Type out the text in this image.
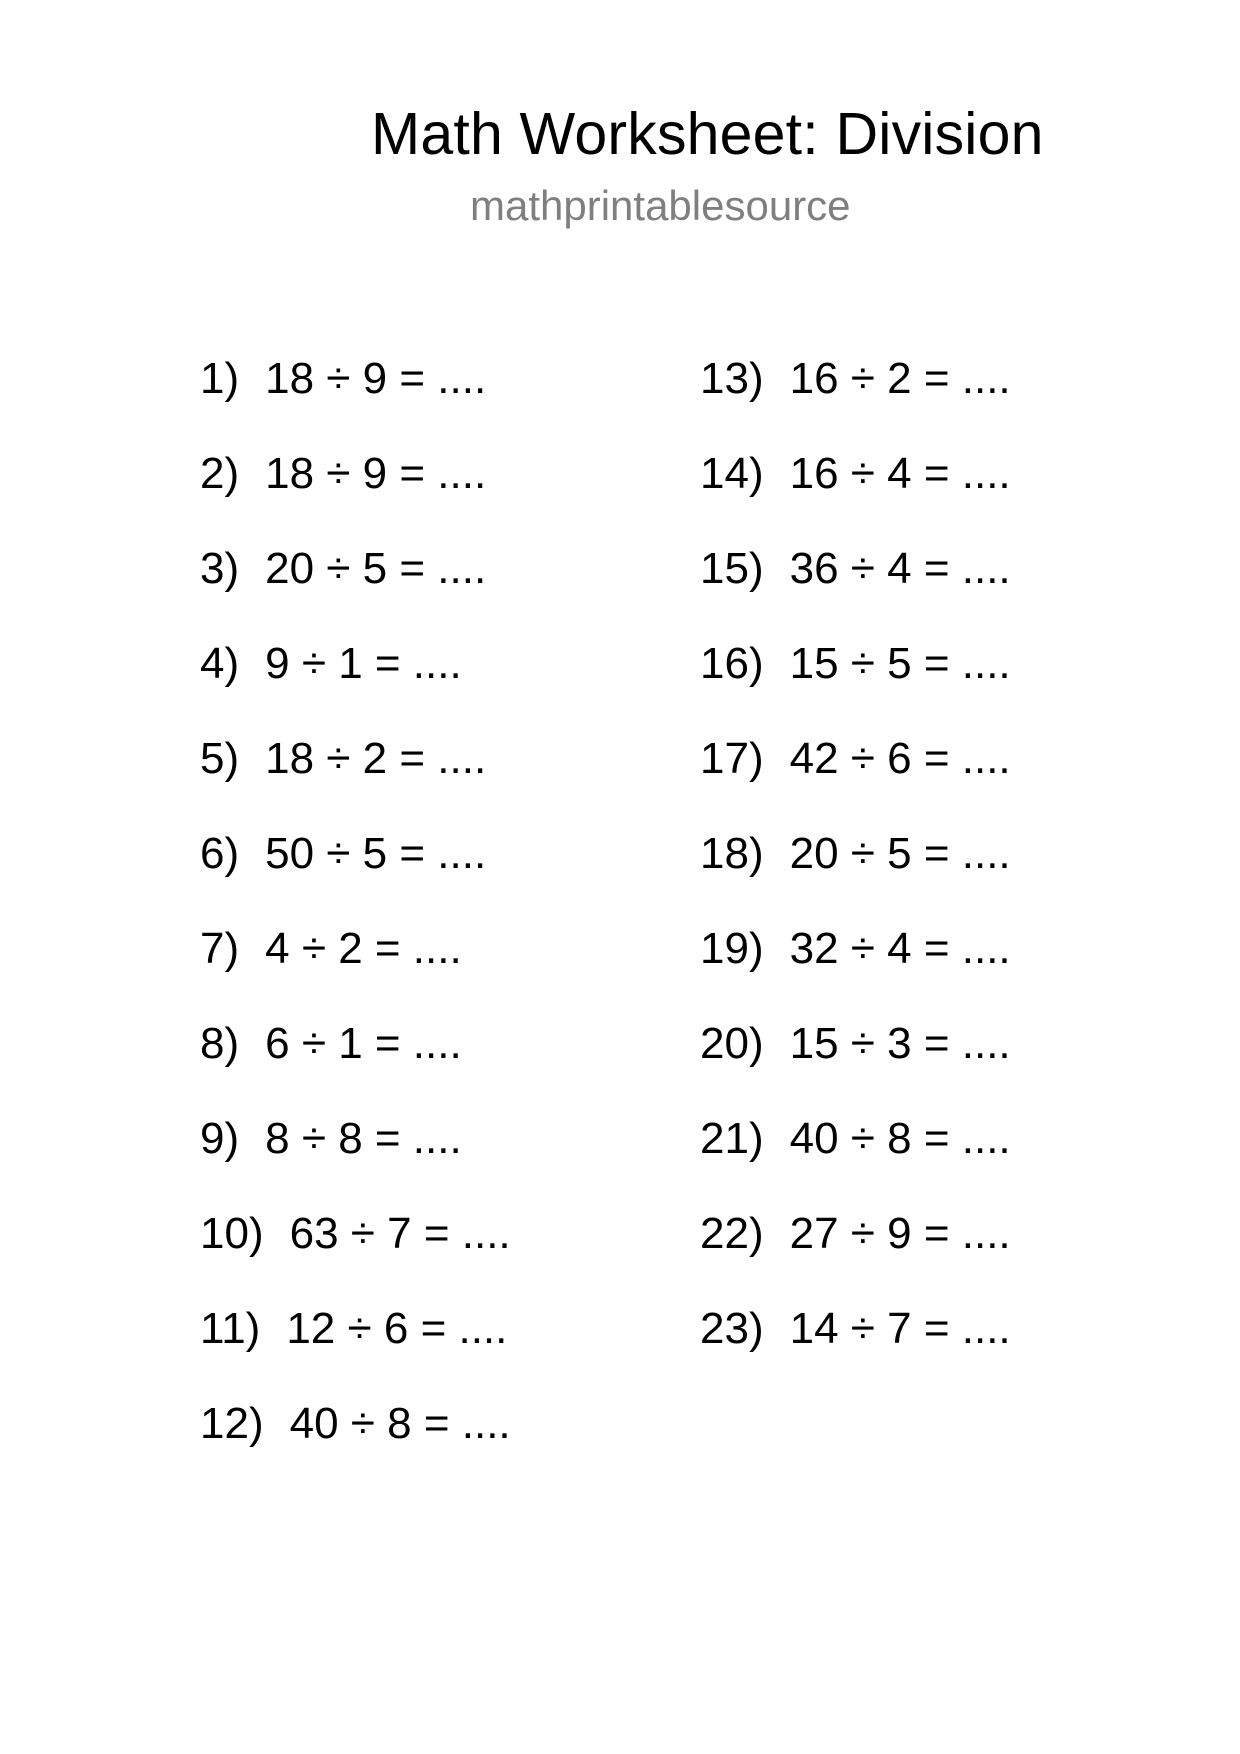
Math Worksheet: Division
mathprintablesource
1) 18 ÷ 9 = ....
2) 18 ÷ 9 = ....
3) 20 ÷ 5 = ....
4) 9 ÷ 1 = ....
5) 18 ÷ 2 = ....
6) 50 ÷ 5 = ....
7) 4 ÷ 2 = ....
8) 6 ÷ 1 = ....
9) 8 ÷ 8 = ....
10) 63 ÷ 7 = ....
11) 12 ÷ 6 = ....
12) 40 ÷ 8 = ....
13) 16 ÷ 2 = ....
14) 16 ÷ 4 = ....
15) 36 ÷ 4 = ....
16) 15 ÷ 5 = ....
17) 42 ÷ 6 = ....
18) 20 ÷ 5 = ....
19) 32 ÷ 4 = ....
20) 15 ÷ 3 = ....
21) 40 ÷ 8 = ....
22) 27 ÷ 9 = ....
23) 14 ÷ 7 = ....
